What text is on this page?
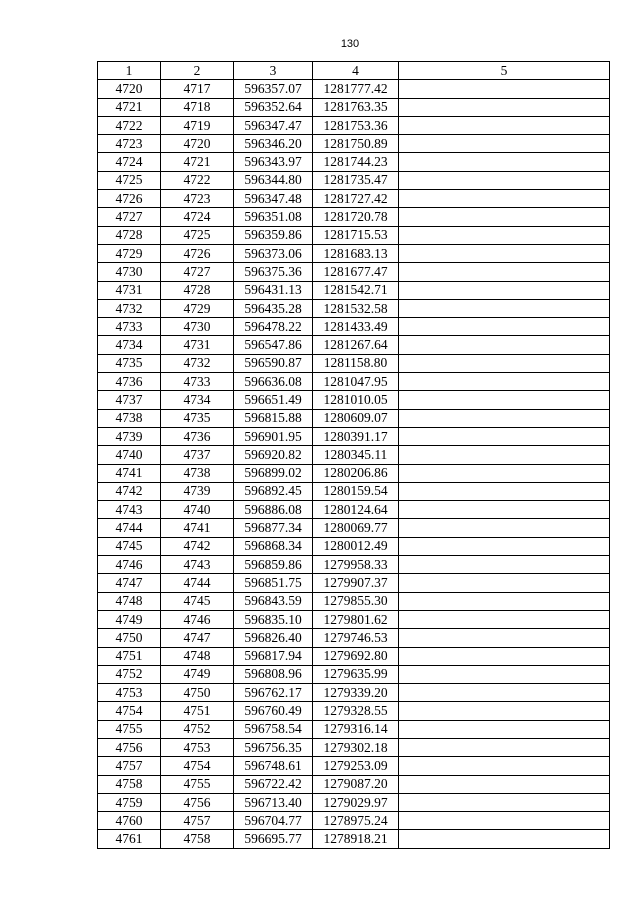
130
1	2	3	4	5
4720	4717	596357.07	1281777.42	
4721	4718	596352.64	1281763.35	
4722	4719	596347.47	1281753.36	
4723	4720	596346.20	1281750.89	
4724	4721	596343.97	1281744.23	
4725	4722	596344.80	1281735.47	
4726	4723	596347.48	1281727.42	
4727	4724	596351.08	1281720.78	
4728	4725	596359.86	1281715.53	
4729	4726	596373.06	1281683.13	
4730	4727	596375.36	1281677.47	
4731	4728	596431.13	1281542.71	
4732	4729	596435.28	1281532.58	
4733	4730	596478.22	1281433.49	
4734	4731	596547.86	1281267.64	
4735	4732	596590.87	1281158.80	
4736	4733	596636.08	1281047.95	
4737	4734	596651.49	1281010.05	
4738	4735	596815.88	1280609.07	
4739	4736	596901.95	1280391.17	
4740	4737	596920.82	1280345.11	
4741	4738	596899.02	1280206.86	
4742	4739	596892.45	1280159.54	
4743	4740	596886.08	1280124.64	
4744	4741	596877.34	1280069.77	
4745	4742	596868.34	1280012.49	
4746	4743	596859.86	1279958.33	
4747	4744	596851.75	1279907.37	
4748	4745	596843.59	1279855.30	
4749	4746	596835.10	1279801.62	
4750	4747	596826.40	1279746.53	
4751	4748	596817.94	1279692.80	
4752	4749	596808.96	1279635.99	
4753	4750	596762.17	1279339.20	
4754	4751	596760.49	1279328.55	
4755	4752	596758.54	1279316.14	
4756	4753	596756.35	1279302.18	
4757	4754	596748.61	1279253.09	
4758	4755	596722.42	1279087.20	
4759	4756	596713.40	1279029.97	
4760	4757	596704.77	1278975.24	
4761	4758	596695.77	1278918.21	
